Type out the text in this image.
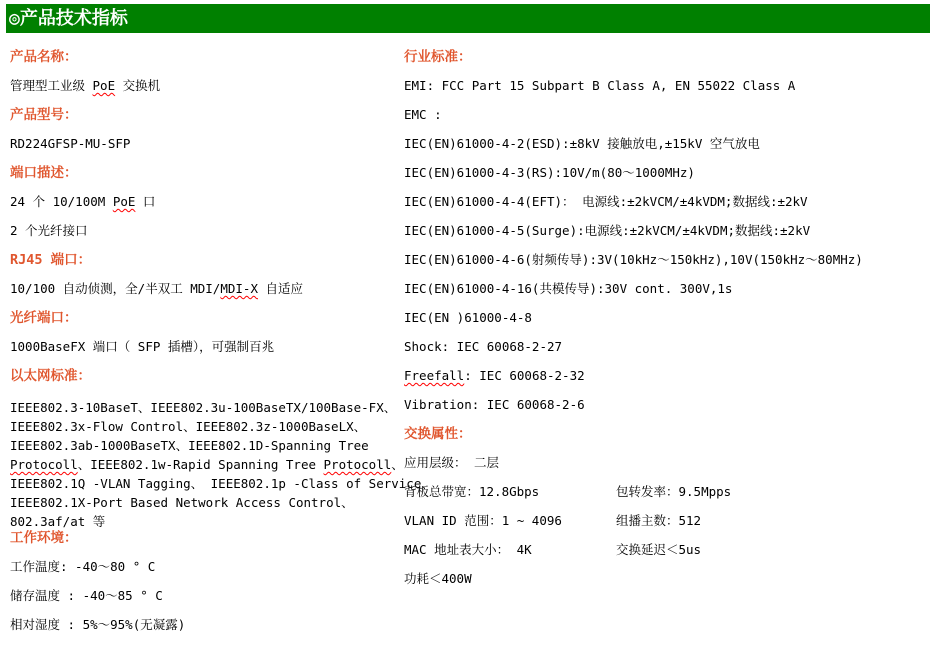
◎产品技术指标
产品名称：
管理型工业级 PoE 交换机
产品型号：
RD224GFSP-MU-SFP
端口描述：
24 个 10/100M PoE 口
2 个光纤接口
RJ45 端口：
10/100 自动侦测，全/半双工 MDI/MDI-X 自适应
光纤端口：
1000BaseFX 端口（ SFP 插槽），可强制百兆
以太网标准：
IEEE802.3-10BaseT、IEEE802.3u-100BaseTX/100Base-FX、
IEEE802.3x-Flow Control、IEEE802.3z-1000BaseLX、
IEEE802.3ab-1000BaseTX、IEEE802.1D-Spanning Tree
Protocoll、IEEE802.1w-Rapid Spanning Tree Protocoll、
IEEE802.1Q -VLAN Tagging、 IEEE802.1p -Class of Service、
IEEE802.1X-Port Based Network Access Control、
802.3af/at 等
工作环境：
工作温度: -40～80 ° C
储存温度 : -40～85 ° C
相对湿度 : 5%～95%(无凝露)
行业标准：
EMI: FCC Part 15 Subpart B Class A, EN 55022 Class A
EMC :
IEC(EN)61000-4-2(ESD):±8kV 接触放电,±15kV 空气放电
IEC(EN)61000-4-3(RS):10V/m(80～1000MHz)
IEC(EN)61000-4-4(EFT)： 电源线:±2kVCM/±4kVDM;数据线:±2kV
IEC(EN)61000-4-5(Surge):电源线:±2kVCM/±4kVDM;数据线:±2kV
IEC(EN)61000-4-6(射频传导):3V(10kHz～150kHz),10V(150kHz～80MHz)
IEC(EN)61000-4-16(共模传导):30V cont. 300V,1s
IEC(EN )61000-4-8
Shock: IEC 60068-2-27
Freefall: IEC 60068-2-32
Vibration: IEC 60068-2-6
交换属性：
应用层级： 二层
背板总带宽：12.8Gbps	包转发率：9.5Mpps
VLAN ID 范围：1 ~ 4096	组播主数：512
MAC 地址表大小： 4K	交换延迟＜5us
功耗＜400W
